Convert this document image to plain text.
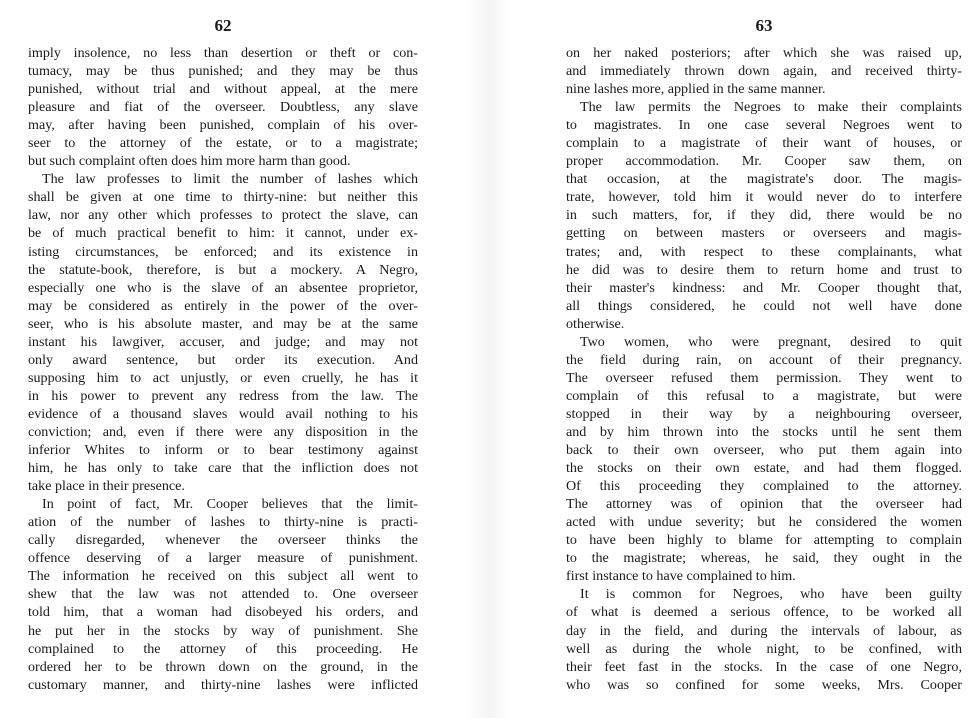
62
imply insolence, no less than desertion or theft or con-
tumacy, may be thus punished; and they may be thus
punished, without trial and without appeal, at the mere
pleasure and fiat of the overseer. Doubtless, any slave
may, after having been punished, complain of his over-
seer to the attorney of the estate, or to a magistrate;
but such complaint often does him more harm than good.
The law professes to limit the number of lashes which
shall be given at one time to thirty-nine: but neither this
law, nor any other which professes to protect the slave, can
be of much practical benefit to him: it cannot, under ex-
isting circumstances, be enforced; and its existence in
the statute-book, therefore, is but a mockery. A Negro,
especially one who is the slave of an absentee proprietor,
may be considered as entirely in the power of the over-
seer, who is his absolute master, and may be at the same
instant his lawgiver, accuser, and judge; and may not
only award sentence, but order its execution. And
supposing him to act unjustly, or even cruelly, he has it
in his power to prevent any redress from the law. The
evidence of a thousand slaves would avail nothing to his
conviction; and, even if there were any disposition in the
inferior Whites to inform or to bear testimony against
him, he has only to take care that the infliction does not
take place in their presence.
In point of fact, Mr. Cooper believes that the limit-
ation of the number of lashes to thirty-nine is practi-
cally disregarded, whenever the overseer thinks the
offence deserving of a larger measure of punishment.
The information he received on this subject all went to
shew that the law was not attended to. One overseer
told him, that a woman had disobeyed his orders, and
he put her in the stocks by way of punishment. She
complained to the attorney of this proceeding. He
ordered her to be thrown down on the ground, in the
customary manner, and thirty-nine lashes were inflicted
63
on her naked posteriors; after which she was raised up,
and immediately thrown down again, and received thirty-
nine lashes more, applied in the same manner.
The law permits the Negroes to make their complaints
to magistrates. In one case several Negroes went to
complain to a magistrate of their want of houses, or
proper accommodation. Mr. Cooper saw them, on
that occasion, at the magistrate's door. The magis-
trate, however, told him it would never do to interfere
in such matters, for, if they did, there would be no
getting on between masters or overseers and magis-
trates; and, with respect to these complainants, what
he did was to desire them to return home and trust to
their master's kindness: and Mr. Cooper thought that,
all things considered, he could not well have done
otherwise.
Two women, who were pregnant, desired to quit
the field during rain, on account of their pregnancy.
The overseer refused them permission. They went to
complain of this refusal to a magistrate, but were
stopped in their way by a neighbouring overseer,
and by him thrown into the stocks until he sent them
back to their own overseer, who put them again into
the stocks on their own estate, and had them flogged.
Of this proceeding they complained to the attorney.
The attorney was of opinion that the overseer had
acted with undue severity; but he considered the women
to have been highly to blame for attempting to complain
to the magistrate; whereas, he said, they ought in the
first instance to have complained to him.
It is common for Negroes, who have been guilty
of what is deemed a serious offence, to be worked all
day in the field, and during the intervals of labour, as
well as during the whole night, to be confined, with
their feet fast in the stocks. In the case of one Negro,
who was so confined for some weeks, Mrs. Cooper
